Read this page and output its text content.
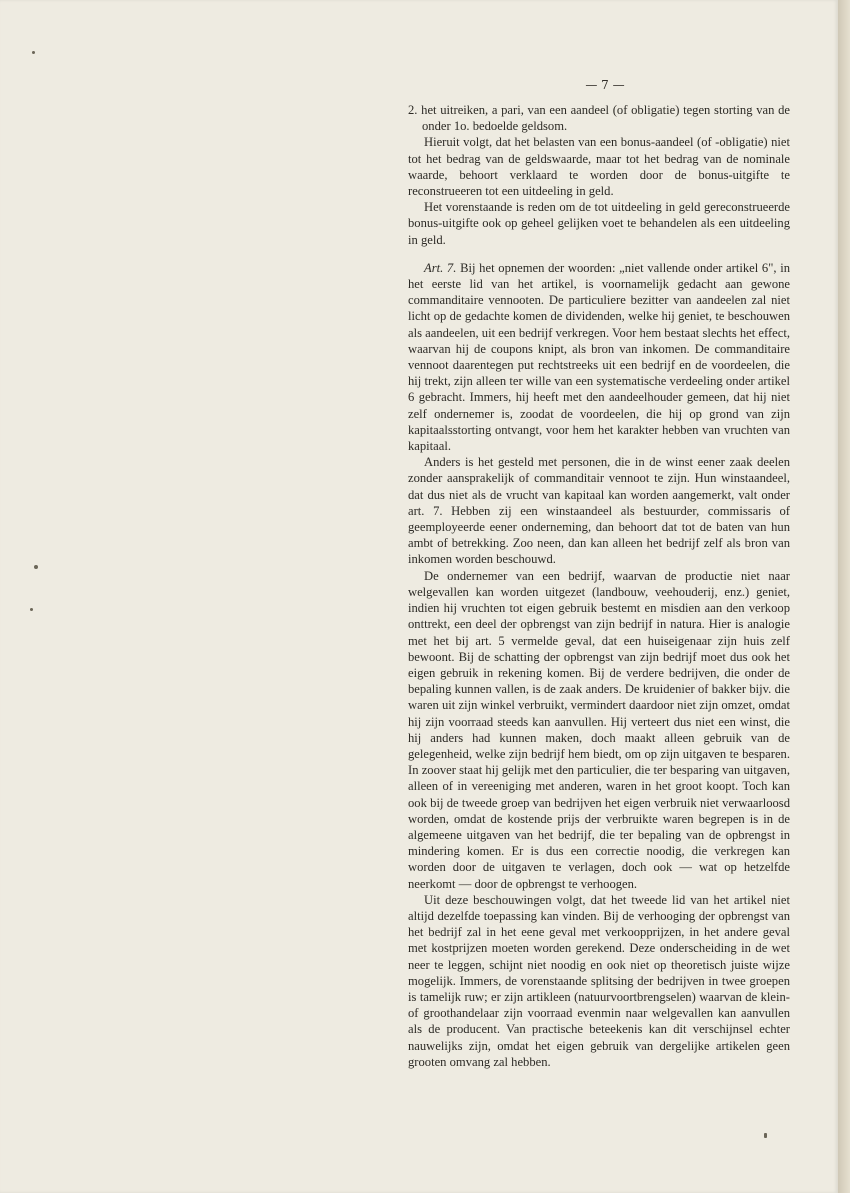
— 7 —

2. het uitreiken, a pari, van een aandeel (of obligatie) tegen storting van de onder 1o. bedoelde geldsom.

Hieruit volgt, dat het belasten van een bonus-aandeel (of -obligatie) niet tot het bedrag van de geldswaarde, maar tot het bedrag van de nominale waarde, behoort verklaard te worden door de bonus-uitgifte te reconstrueeren tot een uitdeeling in geld.

Het vorenstaande is reden om de tot uitdeeling in geld gereconstrueerde bonus-uitgifte ook op geheel gelijken voet te behandelen als een uitdeeling in geld.

Art. 7. Bij het opnemen der woorden: „niet vallende onder artikel 6", in het eerste lid van het artikel, is voornamelijk gedacht aan gewone commanditaire vennooten. De particuliere bezitter van aandeelen zal niet licht op de gedachte komen de dividenden, welke hij geniet, te beschouwen als aandeelen, uit een bedrijf verkregen. Voor hem bestaat slechts het effect, waarvan hij de coupons knipt, als bron van inkomen. De commanditaire vennoot daarentegen put rechtstreeks uit een bedrijf en de voordeelen, die hij trekt, zijn alleen ter wille van een systematische verdeeling onder artikel 6 gebracht. Immers, hij heeft met den aandeelhouder gemeen, dat hij niet zelf ondernemer is, zoodat de voordeelen, die hij op grond van zijn kapitaalsstorting ontvangt, voor hem het karakter hebben van vruchten van kapitaal.

Anders is het gesteld met personen, die in de winst eener zaak deelen zonder aansprakelijk of commanditair vennoot te zijn. Hun winstaandeel, dat dus niet als de vrucht van kapitaal kan worden aangemerkt, valt onder art. 7. Hebben zij een winstaandeel als bestuurder, commissaris of geemployeerde eener onderneming, dan behoort dat tot de baten van hun ambt of betrekking. Zoo neen, dan kan alleen het bedrijf zelf als bron van inkomen worden beschouwd.

De ondernemer van een bedrijf, waarvan de productie niet naar welgevallen kan worden uitgezet (landbouw, veehouderij, enz.) geniet, indien hij vruchten tot eigen gebruik bestemt en misdien aan den verkoop onttrekt, een deel der opbrengst van zijn bedrijf in natura. Hier is analogie met het bij art. 5 vermelde geval, dat een huiseigenaar zijn huis zelf bewoont. Bij de schatting der opbrengst van zijn bedrijf moet dus ook het eigen gebruik in rekening komen. Bij de verdere bedrijven, die onder de bepaling kunnen vallen, is de zaak anders. De kruidenier of bakker bijv. die waren uit zijn winkel verbruikt, vermindert daardoor niet zijn omzet, omdat hij zijn voorraad steeds kan aanvullen. Hij verteert dus niet een winst, die hij anders had kunnen maken, doch maakt alleen gebruik van de gelegenheid, welke zijn bedrijf hem biedt, om op zijn uitgaven te besparen. In zoover staat hij gelijk met den particulier, die ter besparing van uitgaven, alleen of in vereeniging met anderen, waren in het groot koopt. Toch kan ook bij de tweede groep van bedrijven het eigen verbruik niet verwaarloosd worden, omdat de kostende prijs der verbruikte waren begrepen is in de algemeene uitgaven van het bedrijf, die ter bepaling van de opbrengst in mindering komen. Er is dus een correctie noodig, die verkregen kan worden door de uitgaven te verlagen, doch ook — wat op hetzelfde neerkomt — door de opbrengst te verhoogen.

Uit deze beschouwingen volgt, dat het tweede lid van het artikel niet altijd dezelfde toepassing kan vinden. Bij de verhooging der opbrengst van het bedrijf zal in het eene geval met verkoopprijzen, in het andere geval met kostprijzen moeten worden gerekend. Deze onderscheiding in de wet neer te leggen, schijnt niet noodig en ook niet op theoretisch juiste wijze mogelijk. Immers, de vorenstaande splitsing der bedrijven in twee groepen is tamelijk ruw; er zijn artikleen (natuurvoortbrengselen) waarvan de klein- of groothandelaar zijn voorraad evenmin naar welgevallen kan aanvullen als de producent. Van practische beteekenis kan dit verschijnsel echter nauwelijks zijn, omdat het eigen gebruik van dergelijke artikelen geen grooten omvang zal hebben.
